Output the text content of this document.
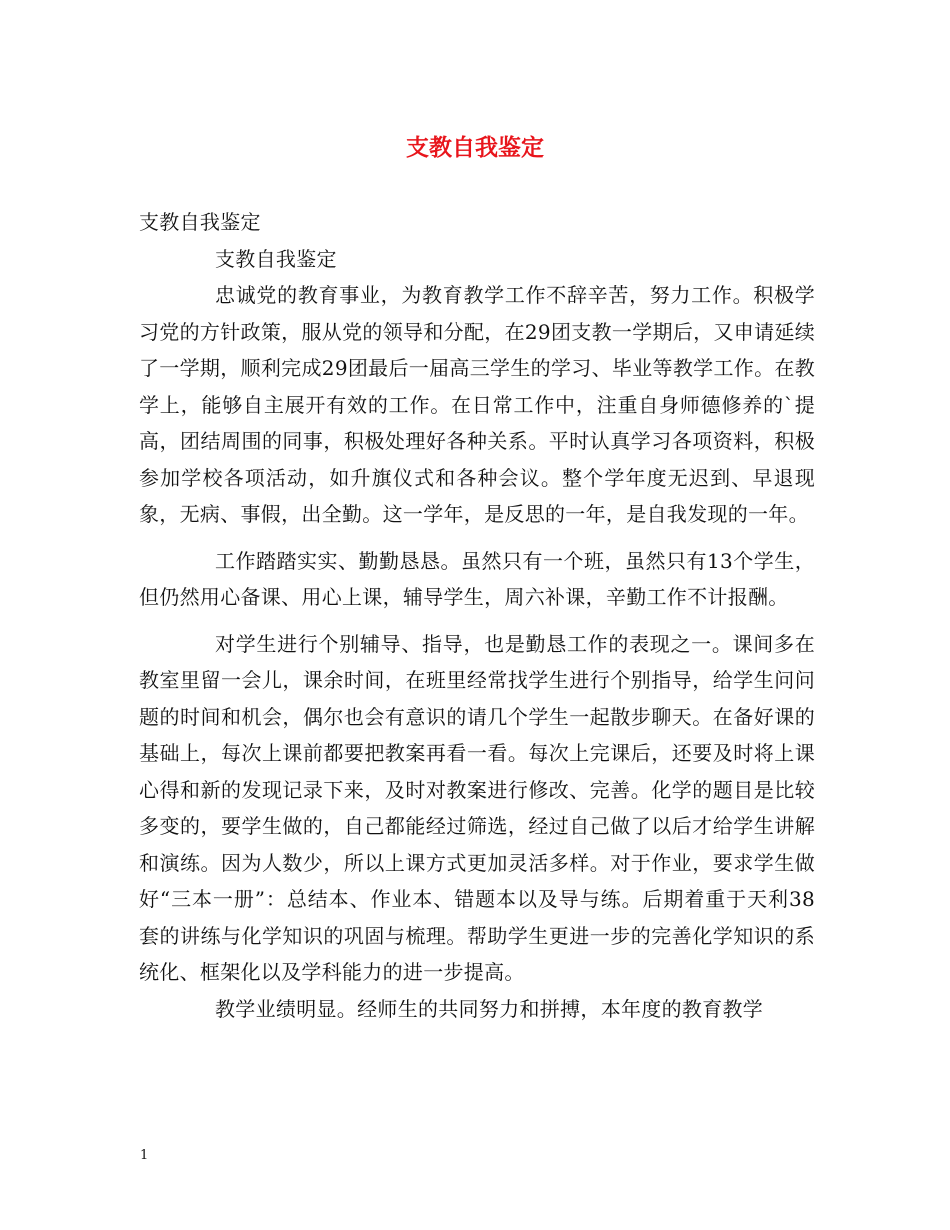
支教自我鉴定

支教自我鉴定

支教自我鉴定

忠诚党的教育事业，为教育教学工作不辞辛苦，努力工作。积极学习党的方针政策，服从党的领导和分配，在29团支教一学期后，又申请延续了一学期，顺利完成29团最后一届高三学生的学习、毕业等教学工作。在教学上，能够自主展开有效的工作。在日常工作中，注重自身师德修养的`提高，团结周围的同事，积极处理好各种关系。平时认真学习各项资料，积极参加学校各项活动，如升旗仪式和各种会议。整个学年度无迟到、早退现象，无病、事假，出全勤。这一学年，是反思的一年，是自我发现的一年。

工作踏踏实实、勤勤恳恳。虽然只有一个班，虽然只有13个学生，但仍然用心备课、用心上课，辅导学生，周六补课，辛勤工作不计报酬。

对学生进行个别辅导、指导，也是勤恳工作的表现之一。课间多在教室里留一会儿，课余时间，在班里经常找学生进行个别指导，给学生问问题的时间和机会，偶尔也会有意识的请几个学生一起散步聊天。在备好课的基础上，每次上课前都要把教案再看一看。每次上完课后，还要及时将上课心得和新的发现记录下来，及时对教案进行修改、完善。化学的题目是比较多变的，要学生做的，自己都能经过筛选，经过自己做了以后才给学生讲解和演练。因为人数少，所以上课方式更加灵活多样。对于作业，要求学生做好“三本一册”：总结本、作业本、错题本以及导与练。后期着重于天利38套的讲练与化学知识的巩固与梳理。帮助学生更进一步的完善化学知识的系统化、框架化以及学科能力的进一步提高。

教学业绩明显。经师生的共同努力和拼搏，本年度的教育教学

1
